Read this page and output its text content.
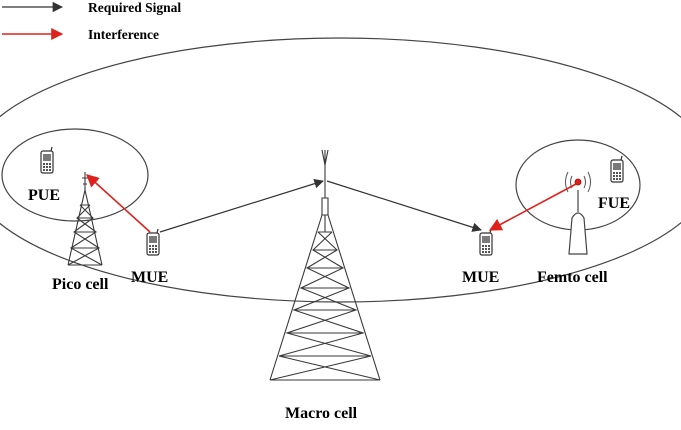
Required Signal
Interference
PUE
Pico cell MUE	MUE Femto cell
FUE
Macro cell
